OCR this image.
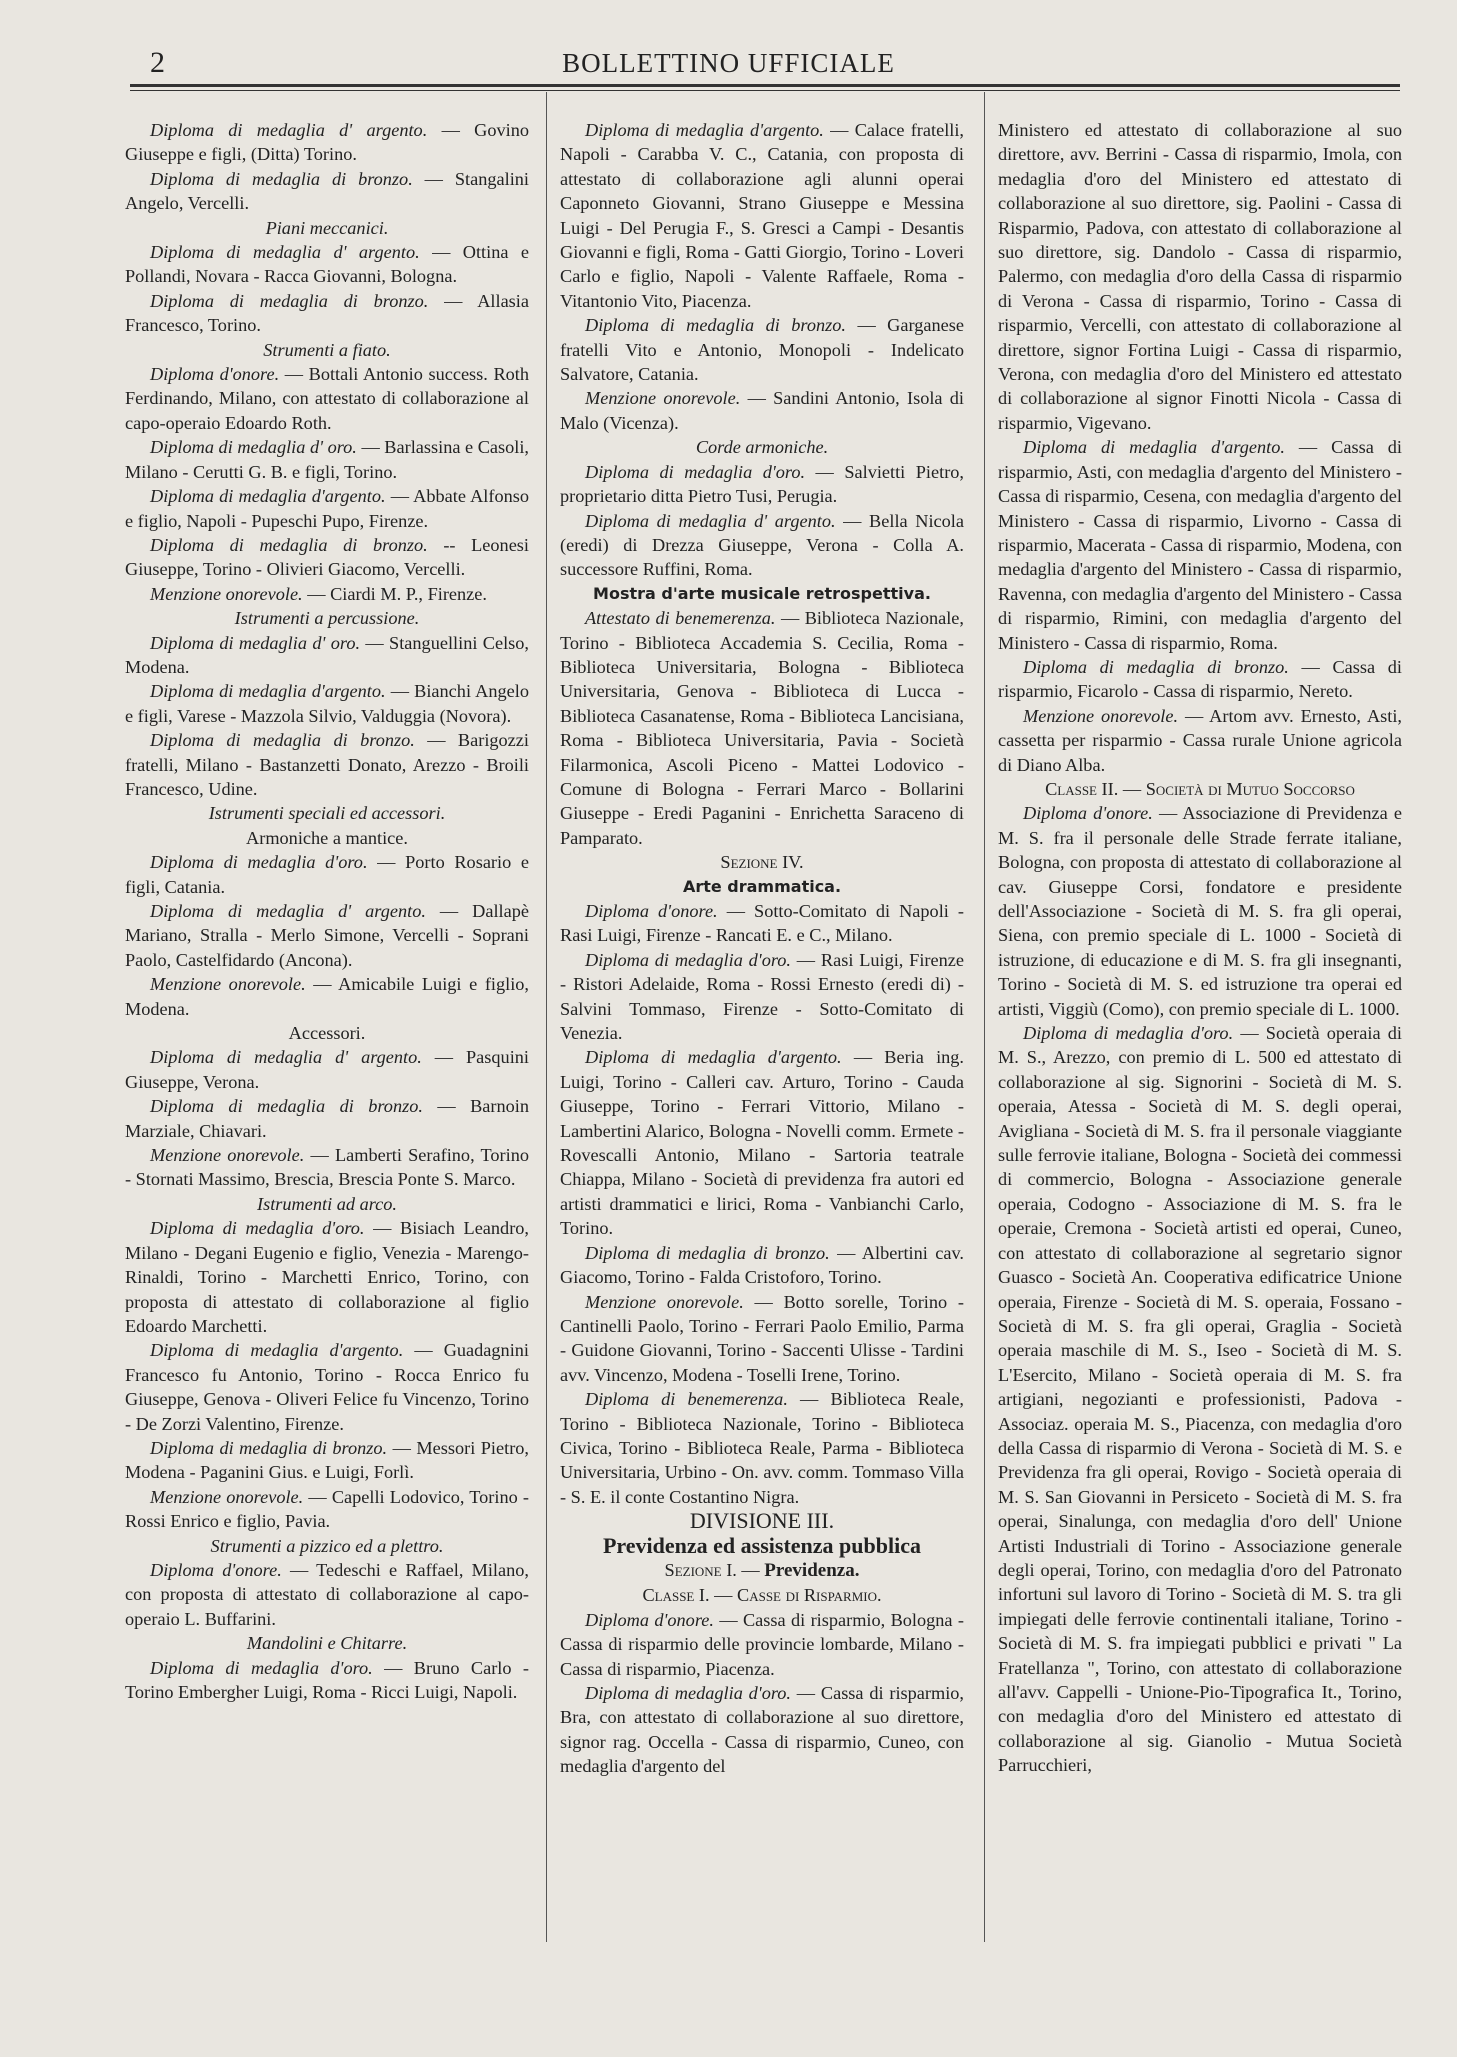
2	BOLLETTINO UFFICIALE

Diploma di medaglia d' argento. — Govino Giuseppe e figli, (Ditta) Torino.

Diploma di medaglia di bronzo. — Stangalini Angelo, Vercelli.

Piani meccanici.

Diploma di medaglia d' argento. — Ottina e Pollandi, Novara - Racca Giovanni, Bologna.

Diploma di medaglia di bronzo. — Allasia Francesco, Torino.

Strumenti a fiato.

Diploma d'onore. — Bottali Antonio success. Roth Ferdinando, Milano, con attestato di collaborazione al capo-operaio Edoardo Roth.

Diploma di medaglia d' oro. — Barlassina e Casoli, Milano - Cerutti G. B. e figli, Torino.

Diploma di medaglia d'argento. — Abbate Alfonso e figlio, Napoli - Pupeschi Pupo, Firenze.

Diploma di medaglia di bronzo. -- Leonesi Giuseppe, Torino - Olivieri Giacomo, Vercelli.

Menzione onorevole. — Ciardi M. P., Firenze.

Istrumenti a percussione.

Diploma di medaglia d' oro. — Stanguellini Celso, Modena.

Diploma di medaglia d'argento. — Bianchi Angelo e figli, Varese - Mazzola Silvio, Valduggia (Novora).

Diploma di medaglia di bronzo. — Barigozzi fratelli, Milano - Bastanzetti Donato, Arezzo - Broili Francesco, Udine.

Istrumenti speciali ed accessori.

Armoniche a mantice.

Diploma di medaglia d'oro. — Porto Rosario e figli, Catania.

Diploma di medaglia d' argento. — Dallapè Mariano, Stralla - Merlo Simone, Vercelli - Soprani Paolo, Castelfidardo (Ancona).

Menzione onorevole. — Amicabile Luigi e figlio, Modena.

Accessori.

Diploma di medaglia d' argento. — Pasquini Giuseppe, Verona.

Diploma di medaglia di bronzo. — Barnoin Marziale, Chiavari.

Menzione onorevole. — Lamberti Serafino, Torino - Stornati Massimo, Brescia, Brescia Ponte S. Marco.

Istrumenti ad arco.

Diploma di medaglia d'oro. — Bisiach Leandro, Milano - Degani Eugenio e figlio, Venezia - Marengo-Rinaldi, Torino - Marchetti Enrico, Torino, con proposta di attestato di collaborazione al figlio Edoardo Marchetti.

Diploma di medaglia d'argento. — Guadagnini Francesco fu Antonio, Torino - Rocca Enrico fu Giuseppe, Genova - Oliveri Felice fu Vincenzo, Torino - De Zorzi Valentino, Firenze.

Diploma di medaglia di bronzo. — Messori Pietro, Modena - Paganini Gius. e Luigi, Forlì.

Menzione onorevole. — Capelli Lodovico, Torino - Rossi Enrico e figlio, Pavia.

Strumenti a pizzico ed a plettro.

Diploma d'onore. — Tedeschi e Raffael, Milano, con proposta di attestato di collaborazione al capo-operaio L. Buffarini.

Mandolini e Chitarre.

Diploma di medaglia d'oro. — Bruno Carlo - Torino Embergher Luigi, Roma - Ricci Luigi, Napoli.

Diploma di medaglia d'argento. — Calace fratelli, Napoli - Carabba V. C., Catania, con proposta di attestato di collaborazione agli alunni operai Caponneto Giovanni, Strano Giuseppe e Messina Luigi - Del Perugia F., S. Gresci a Campi - Desantis Giovanni e figli, Roma - Gatti Giorgio, Torino - Loveri Carlo e figlio, Napoli - Valente Raffaele, Roma - Vitantonio Vito, Piacenza.

Diploma di medaglia di bronzo. — Garganese fratelli Vito e Antonio, Monopoli - Indelicato Salvatore, Catania.

Menzione onorevole. — Sandini Antonio, Isola di Malo (Vicenza).

Corde armoniche.

Diploma di medaglia d'oro. — Salvietti Pietro, proprietario ditta Pietro Tusi, Perugia.

Diploma di medaglia d' argento. — Bella Nicola (eredi) di Drezza Giuseppe, Verona - Colla A. successore Ruffini, Roma.

Mostra d'arte musicale retrospettiva.

Attestato di benemerenza. — Biblioteca Nazionale, Torino - Biblioteca Accademia S. Cecilia, Roma - Biblioteca Universitaria, Bologna - Biblioteca Universitaria, Genova - Biblioteca di Lucca - Biblioteca Casanatense, Roma - Biblioteca Lancisiana, Roma - Biblioteca Universitaria, Pavia - Società Filarmonica, Ascoli Piceno - Mattei Lodovico - Comune di Bologna - Ferrari Marco - Bollarini Giuseppe - Eredi Paganini - Enrichetta Saraceno di Pamparato.

Sezione IV.

Arte drammatica.

Diploma d'onore. — Sotto-Comitato di Napoli - Rasi Luigi, Firenze - Rancati E. e C., Milano.

Diploma di medaglia d'oro. — Rasi Luigi, Firenze - Ristori Adelaide, Roma - Rossi Ernesto (eredi di) - Salvini Tommaso, Firenze - Sotto-Comitato di Venezia.

Diploma di medaglia d'argento. — Beria ing. Luigi, Torino - Calleri cav. Arturo, Torino - Cauda Giuseppe, Torino - Ferrari Vittorio, Milano - Lambertini Alarico, Bologna - Novelli comm. Ermete - Rovescalli Antonio, Milano - Sartoria teatrale Chiappa, Milano - Società di previdenza fra autori ed artisti drammatici e lirici, Roma - Vanbianchi Carlo, Torino.

Diploma di medaglia di bronzo. — Albertini cav. Giacomo, Torino - Falda Cristoforo, Torino.

Menzione onorevole. — Botto sorelle, Torino - Cantinelli Paolo, Torino - Ferrari Paolo Emilio, Parma - Guidone Giovanni, Torino - Saccenti Ulisse - Tardini avv. Vincenzo, Modena - Toselli Irene, Torino.

Diploma di benemerenza. — Biblioteca Reale, Torino - Biblioteca Nazionale, Torino - Biblioteca Civica, Torino - Biblioteca Reale, Parma - Biblioteca Universitaria, Urbino - On. avv. comm. Tommaso Villa - S. E. il conte Costantino Nigra.

DIVISIONE III.

Previdenza ed assistenza pubblica

Sezione I. — Previdenza.

Classe I. — Casse di Risparmio.

Diploma d'onore. — Cassa di risparmio, Bologna - Cassa di risparmio delle provincie lombarde, Milano - Cassa di risparmio, Piacenza.

Diploma di medaglia d'oro. — Cassa di risparmio, Bra, con attestato di collaborazione al suo direttore, signor rag. Occella - Cassa di risparmio, Cuneo, con medaglia d'argento del

Ministero ed attestato di collaborazione al suo direttore, avv. Berrini - Cassa di risparmio, Imola, con medaglia d'oro del Ministero ed attestato di collaborazione al suo direttore, sig. Paolini - Cassa di Risparmio, Padova, con attestato di collaborazione al suo direttore, sig. Dandolo - Cassa di risparmio, Palermo, con medaglia d'oro della Cassa di risparmio di Verona - Cassa di risparmio, Torino - Cassa di risparmio, Vercelli, con attestato di collaborazione al direttore, signor Fortina Luigi - Cassa di risparmio, Verona, con medaglia d'oro del Ministero ed attestato di collaborazione al signor Finotti Nicola - Cassa di risparmio, Vigevano.

Diploma di medaglia d'argento. — Cassa di risparmio, Asti, con medaglia d'argento del Ministero - Cassa di risparmio, Cesena, con medaglia d'argento del Ministero - Cassa di risparmio, Livorno - Cassa di risparmio, Macerata - Cassa di risparmio, Modena, con medaglia d'argento del Ministero - Cassa di risparmio, Ravenna, con medaglia d'argento del Ministero - Cassa di risparmio, Rimini, con medaglia d'argento del Ministero - Cassa di risparmio, Roma.

Diploma di medaglia di bronzo. — Cassa di risparmio, Ficarolo - Cassa di risparmio, Nereto.

Menzione onorevole. — Artom avv. Ernesto, Asti, cassetta per risparmio - Cassa rurale Unione agricola di Diano Alba.

Classe II. — Società di Mutuo Soccorso

Diploma d'onore. — Associazione di Previdenza e M. S. fra il personale delle Strade ferrate italiane, Bologna, con proposta di attestato di collaborazione al cav. Giuseppe Corsi, fondatore e presidente dell'Associazione - Società di M. S. fra gli operai, Siena, con premio speciale di L. 1000 - Società di istruzione, di educazione e di M. S. fra gli insegnanti, Torino - Società di M. S. ed istruzione tra operai ed artisti, Viggiù (Como), con premio speciale di L. 1000.

Diploma di medaglia d'oro. — Società operaia di M. S., Arezzo, con premio di L. 500 ed attestato di collaborazione al sig. Signorini - Società di M. S. operaia, Atessa - Società di M. S. degli operai, Avigliana - Società di M. S. fra il personale viaggiante sulle ferrovie italiane, Bologna - Società dei commessi di commercio, Bologna - Associazione generale operaia, Codogno - Associazione di M. S. fra le operaie, Cremona - Società artisti ed operai, Cuneo, con attestato di collaborazione al segretario signor Guasco - Società An. Cooperativa edificatrice Unione operaia, Firenze - Società di M. S. operaia, Fossano - Società di M. S. fra gli operai, Graglia - Società operaia maschile di M. S., Iseo - Società di M. S. L'Esercito, Milano - Società operaia di M. S. fra artigiani, negozianti e professionisti, Padova - Associaz. operaia M. S., Piacenza, con medaglia d'oro della Cassa di risparmio di Verona - Società di M. S. e Previdenza fra gli operai, Rovigo - Società operaia di M. S. San Giovanni in Persiceto - Società di M. S. fra operai, Sinalunga, con medaglia d'oro dell' Unione Artisti Industriali di Torino - Associazione generale degli operai, Torino, con medaglia d'oro del Patronato infortuni sul lavoro di Torino - Società di M. S. tra gli impiegati delle ferrovie continentali italiane, Torino - Società di M. S. fra impiegati pubblici e privati " La Fratellanza ", Torino, con attestato di collaborazione all'avv. Cappelli - Unione-Pio-Tipografica It., Torino, con medaglia d'oro del Ministero ed attestato di collaborazione al sig. Gianolio - Mutua Società Parrucchieri,
